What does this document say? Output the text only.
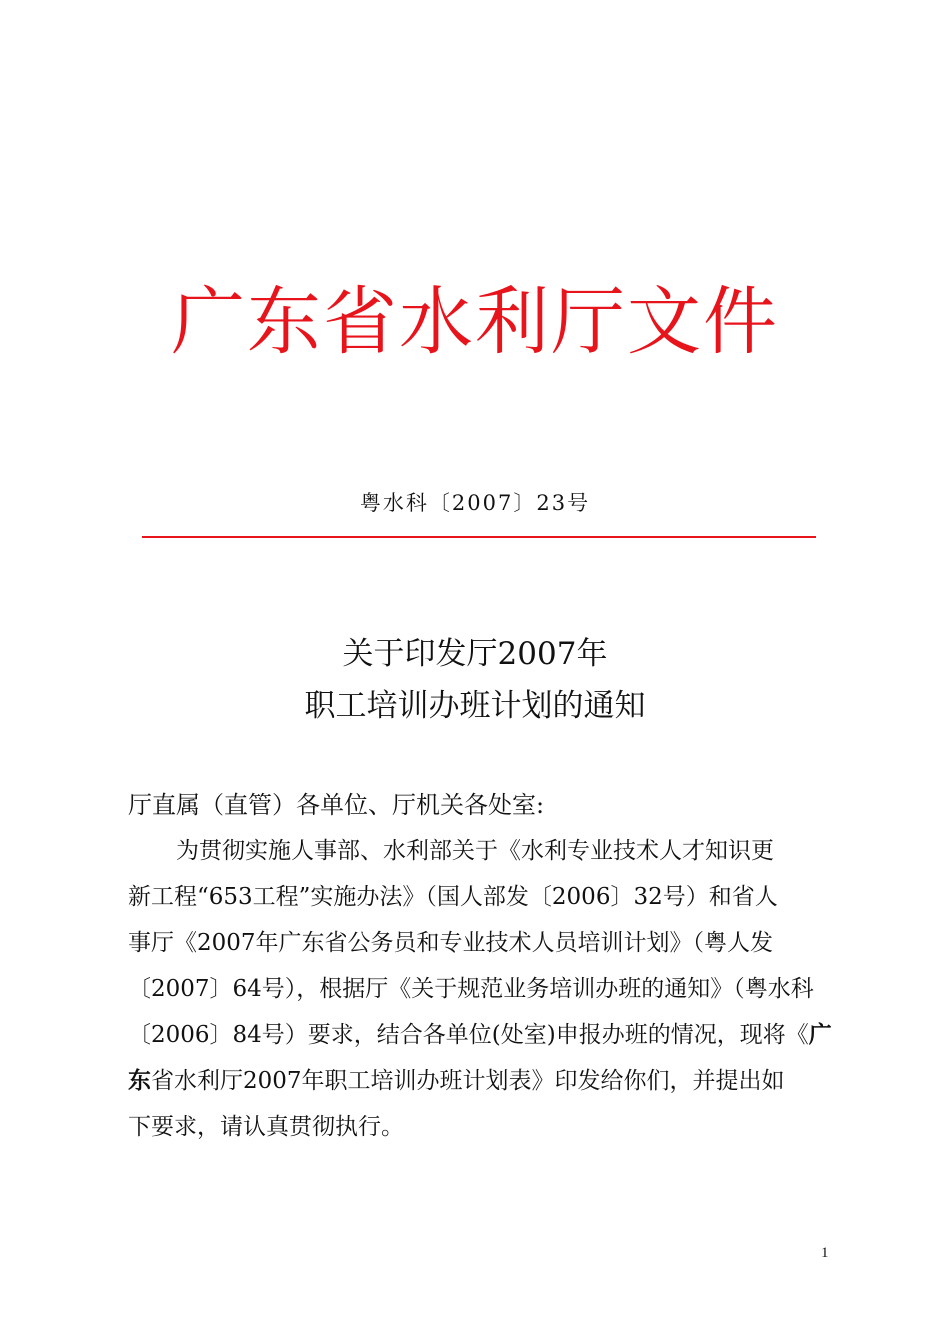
广东省水利厅文件
粤水科〔2007〕23号
关于印发厅2007年
职工培训办班计划的通知
厅直属（直管）各单位、厅机关各处室:
为贯彻实施人事部、水利部关于《水利专业技术人才知识更
新工程“653工程”实施办法》（国人部发〔2006〕32号）和省人
事厅《2007年广东省公务员和专业技术人员培训计划》（粤人发
〔2007〕64号），根据厅《关于规范业务培训办班的通知》（粤水科
〔2006〕84号）要求，结合各单位(处室)申报办班的情况，现将《广
东省水利厅2007年职工培训办班计划表》印发给你们，并提出如
下要求，请认真贯彻执行。
1
